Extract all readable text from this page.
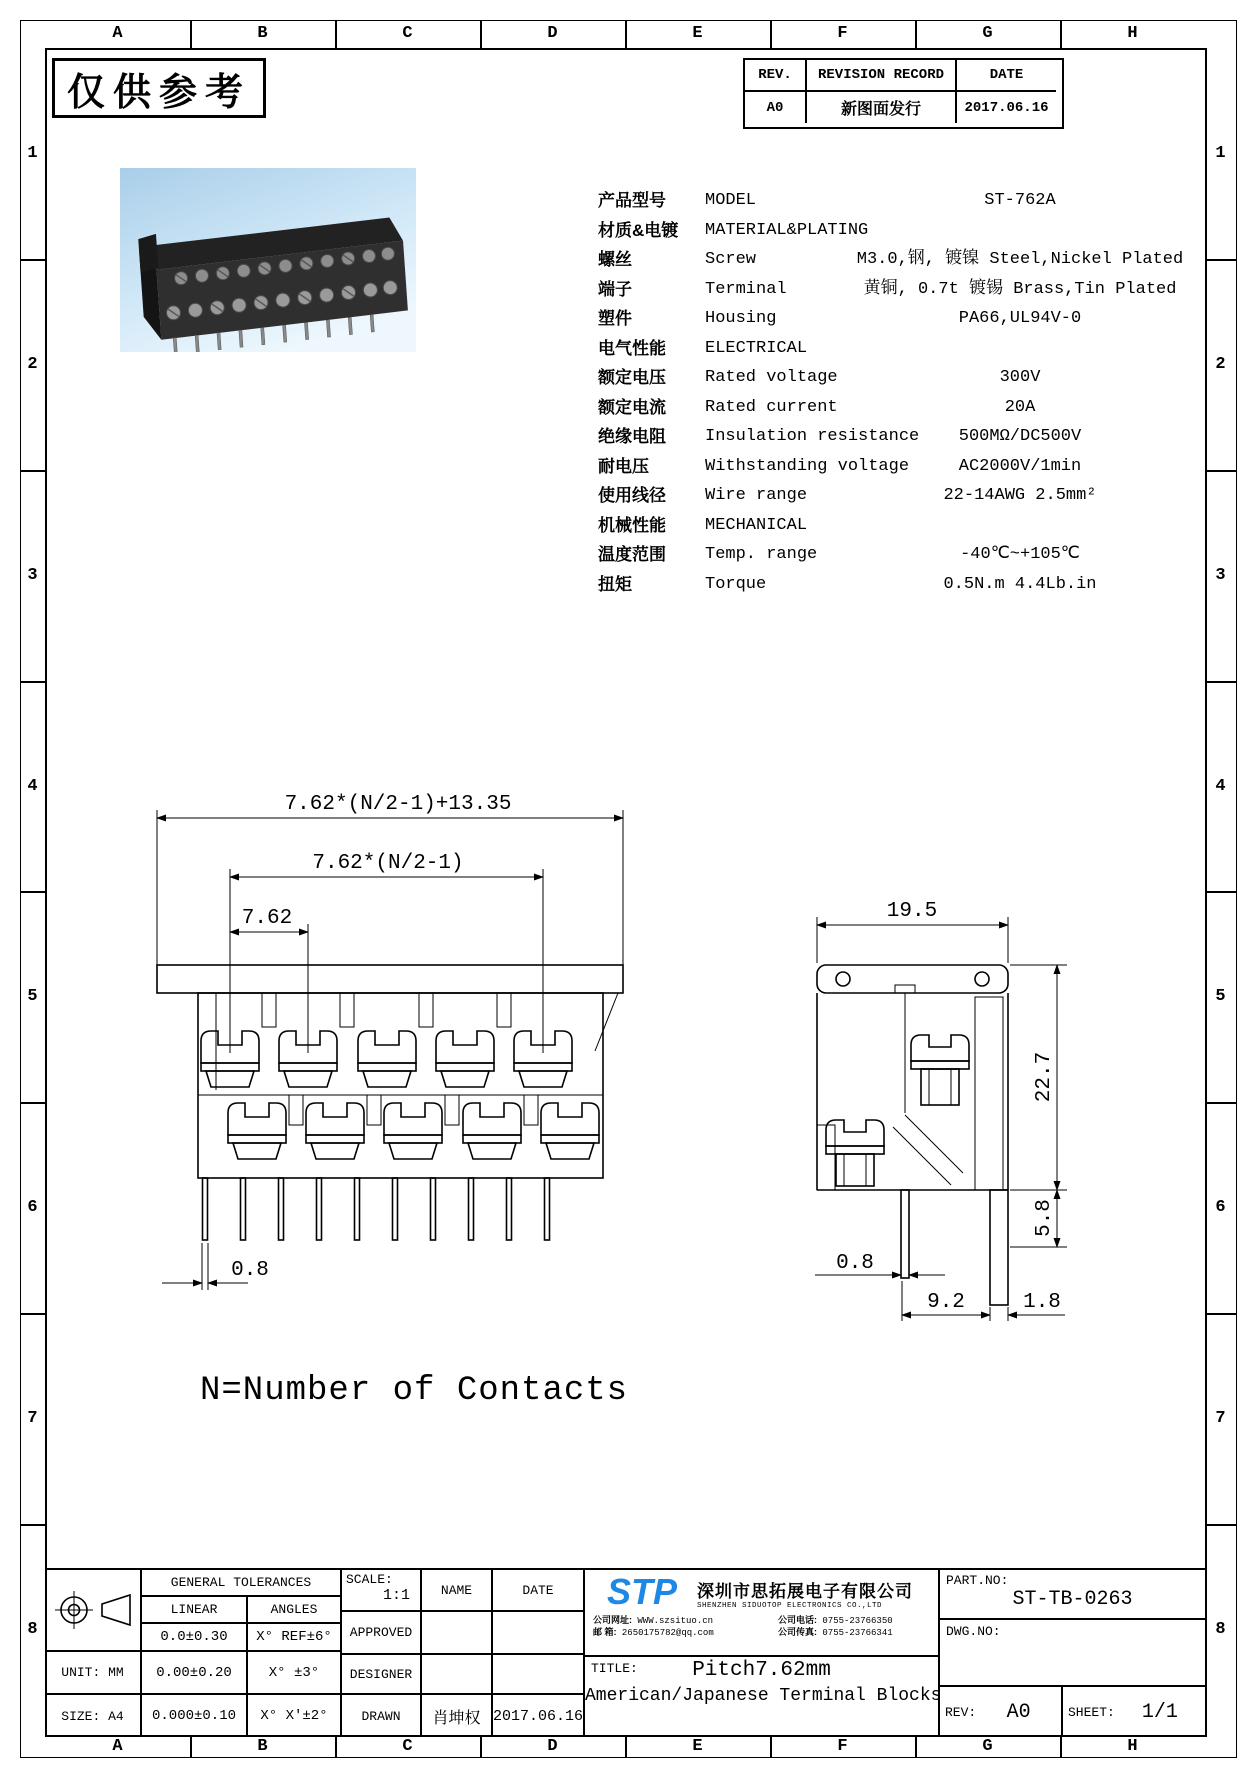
A	B	C	D	E	F	G	H
A	B	C	D	E	F	G	H
1
2
3
4
5
6
7
8
1
2
3
4
5
6
7
8
仅供参考	REV.	REVISION RECORD	DATE
A0	新图面发行	2017.06.16
产品型号	MODEL	ST-762A
材质&电镀	MATERIAL&PLATING
螺丝	Screw	M3.0,钢, 镀镍 Steel,Nickel Plated
端子	Terminal	黄铜, 0.7t 镀锡 Brass,Tin Plated
塑件	Housing	PA66,UL94V-0
电气性能	ELECTRICAL
额定电压	Rated voltage	300V
额定电流	Rated current	20A
绝缘电阻	Insulation resistance	500MΩ/DC500V
耐电压	Withstanding voltage	AC2000V/1min
使用线径	Wire range	22-14AWG 2.5mm²
机械性能	MECHANICAL
温度范围	Temp. range	-40℃~+105℃
扭矩	Torque	0.5N.m 4.4Lb.in
7.62*(N/2-1)+13.35
7.62*(N/2-1)
7.62
0.8
19.5
22.7
5.8
0.8
9.2	1.8
N=Number of Contacts
UNIT: MM
SIZE: A4
GENERAL TOLERANCES
LINEAR	ANGLES
0.0±0.30	X° REF±6°
0.00±0.20	X° ±3°
0.000±0.10	X° X'±2°
SCALE:
1:1	NAME	DATE
APPROVED
DESIGNER
DRAWN	肖坤权 2017.06.16
STP 深圳市思拓展电子有限公司
SHENZHEN SIDUOTOP ELECTRONICS CO.,LTD
公司网址: WWW.szsituo.cn	公司电话: 0755-23766350
邮 箱: 2650175782@qq.com	公司传真: 0755-23766341
TITLE:	Pitch7.62mm
American/Japanese Terminal Blocks
PART.NO:
ST-TB-0263
DWG.NO:
REV:	A0	SHEET:	1/1
